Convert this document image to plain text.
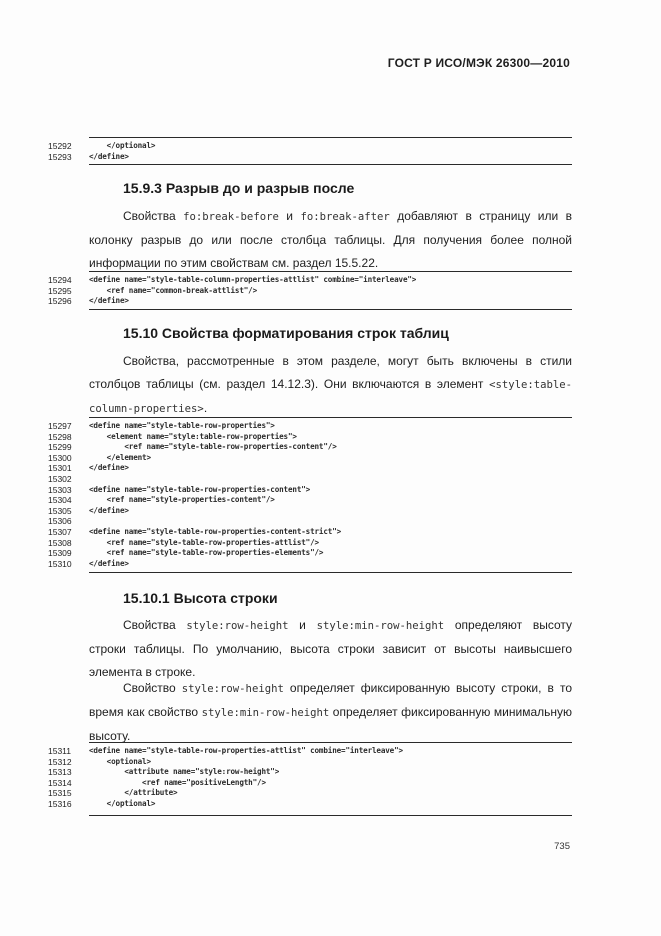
ГОСТ Р ИСО/МЭК 26300—2010
15292	</optional>
15293	</define>
15.9.3 Разрыв до и разрыв после
Свойства fo:break-before и fo:break-after добавляют в страницу или в колонку разрыв до или после столбца таблицы. Для получения более полной информации по этим свойствам см. раздел 15.5.22.
15294	<define name="style-table-column-properties-attlist" combine="interleave">
15295	<ref name="common-break-attlist"/>
15296	</define>
15.10 Свойства форматирования строк таблиц
Свойства, рассмотренные в этом разделе, могут быть включены в стили столбцов таблицы (см. раздел 14.12.3). Они включаются в элемент <style:table-column-properties>.
15297	<define name="style-table-row-properties">
15298	<element name="style:table-row-properties">
15299	<ref name="style-table-row-properties-content"/>
15300	</element>
15301	</define>
15302
15303	<define name="style-table-row-properties-content">
15304	<ref name="style-properties-content"/>
15305	</define>
15306
15307	<define name="style-table-row-properties-content-strict">
15308	<ref name="style-table-row-properties-attlist"/>
15309	<ref name="style-table-row-properties-elements"/>
15310	</define>
15.10.1 Высота строки
Свойства style:row-height и style:min-row-height определяют высоту строки таблицы. По умолчанию, высота строки зависит от высоты наивысшего элемента в строке.
Свойство style:row-height определяет фиксированную высоту строки, в то время как свойство style:min-row-height определяет фиксированную минимальную высоту.
15311	<define name="style-table-row-properties-attlist" combine="interleave">
15312	<optional>
15313	<attribute name="style:row-height">
15314	<ref name="positiveLength"/>
15315	</attribute>
15316	</optional>
735
